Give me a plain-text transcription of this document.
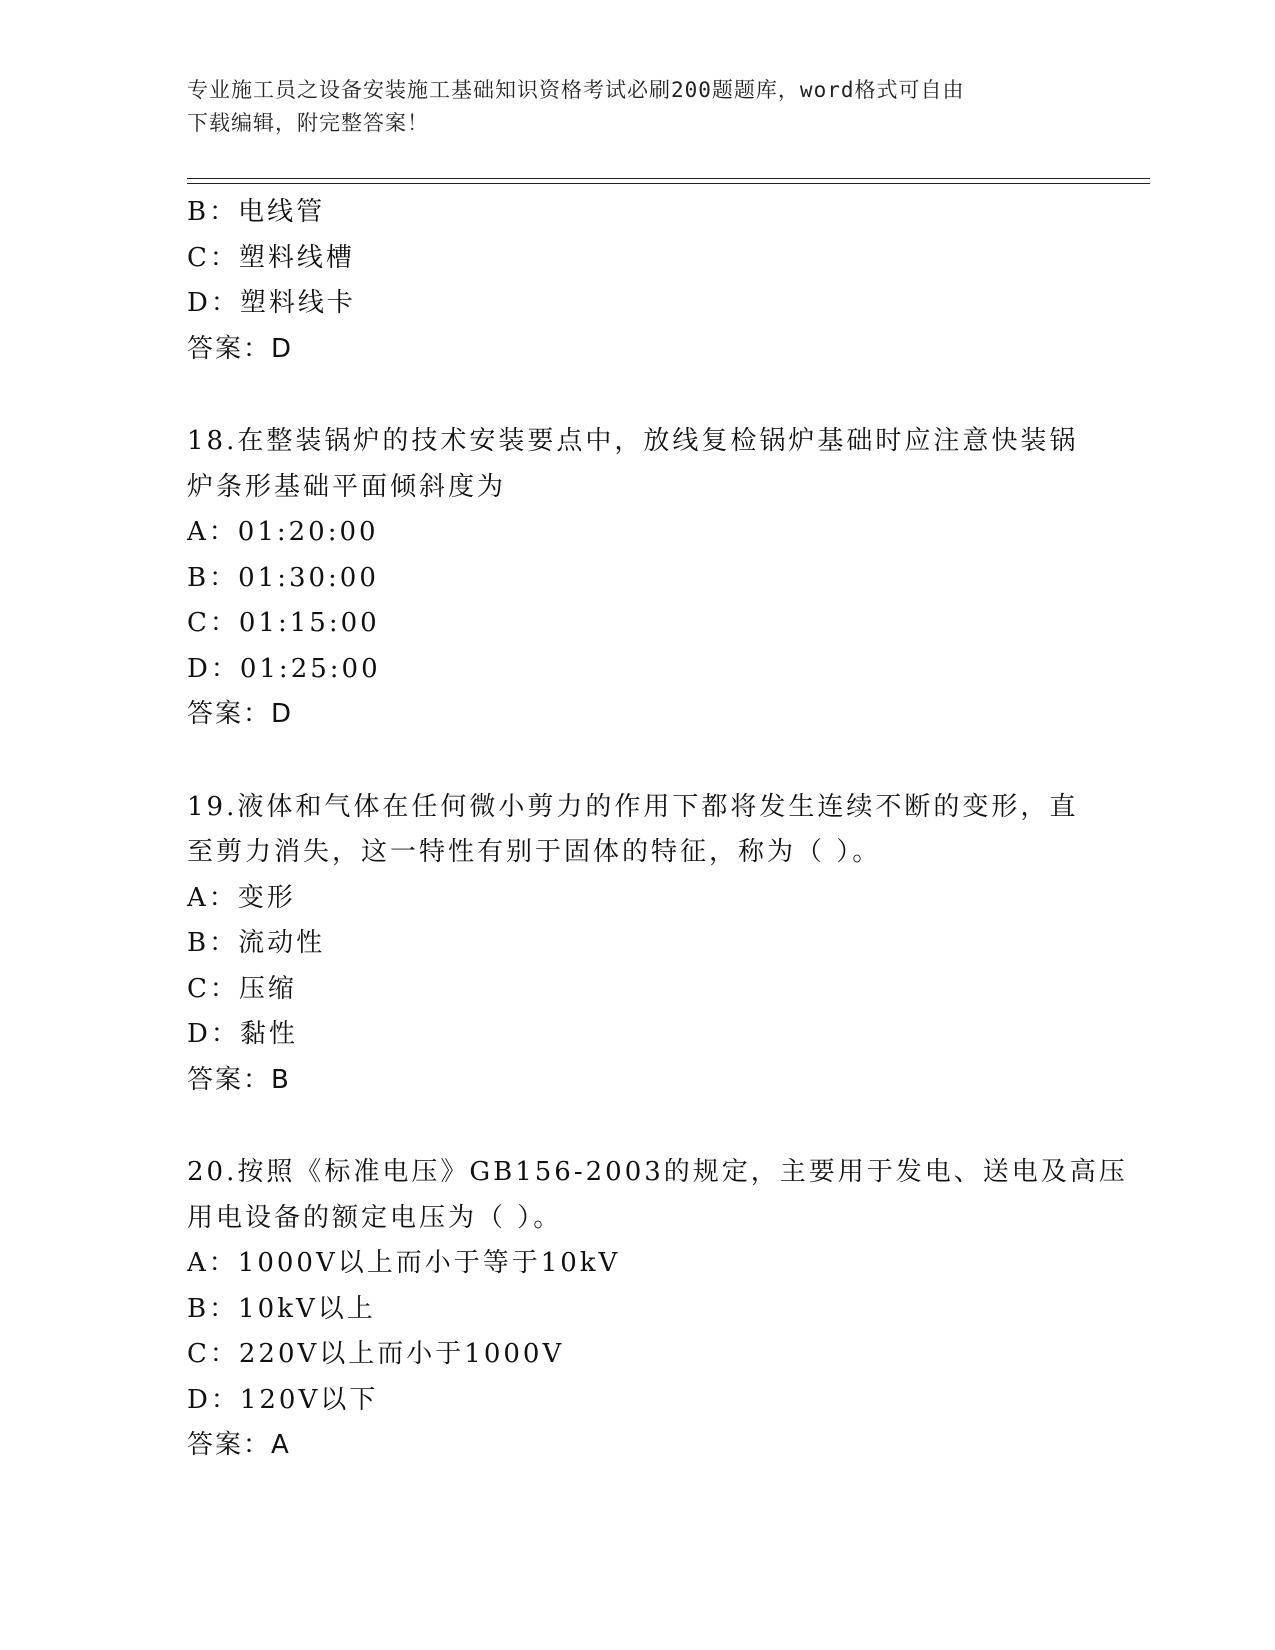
专业施工员之设备安装施工基础知识资格考试必刷200题题库，word格式可自由
下载编辑，附完整答案！
B：电线管
C：塑料线槽
D：塑料线卡
答案：D
18.在整装锅炉的技术安装要点中，放线复检锅炉基础时应注意快装锅
炉条形基础平面倾斜度为
A：01:20:00
B：01:30:00
C：01:15:00
D：01:25:00
答案：D
19.液体和气体在任何微小剪力的作用下都将发生连续不断的变形，直
至剪力消失，这一特性有别于固体的特征，称为（ ）。
A：变形
B：流动性
C：压缩
D：黏性
答案：B
20.按照《标准电压》GB156-2003的规定，主要用于发电、送电及高压
用电设备的额定电压为（ ）。
A：1000V以上而小于等于10kV
B：10kV以上
C：220V以上而小于1000V
D：120V以下
答案：A
